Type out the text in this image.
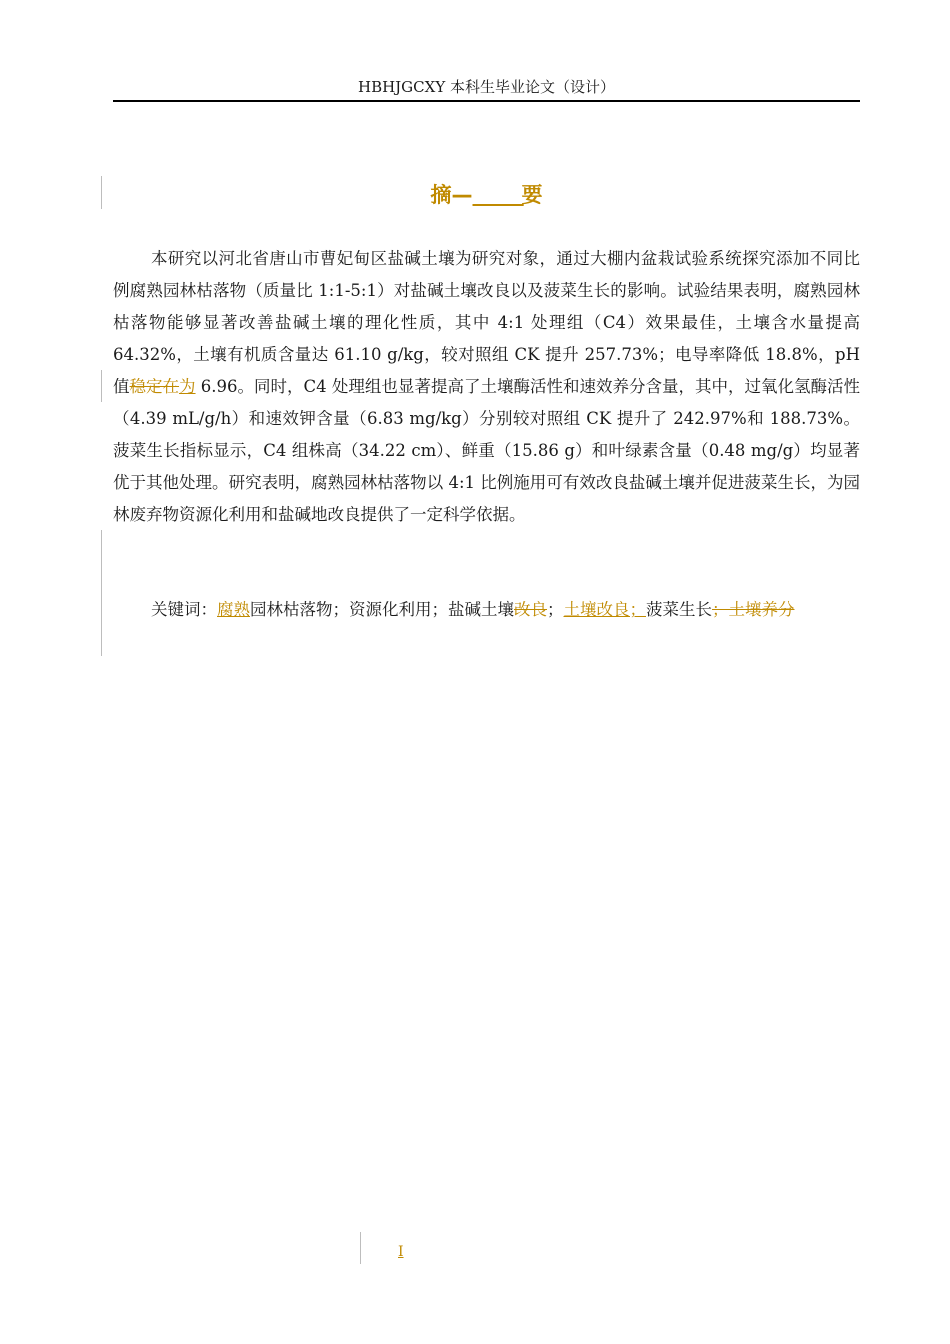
HBHJGCXY 本科生毕业论文（设计）
摘— 要
本研究以河北省唐山市曹妃甸区盐碱土壤为研究对象，通过大棚内盆栽试验系统探究添加不同比例腐熟园林枯落物（质量比 1:1-5:1）对盐碱土壤改良以及菠菜生长的影响。试验结果表明，腐熟园林枯落物能够显著改善盐碱土壤的理化性质，其中 4:1 处理组（C4）效果最佳，土壤含水量提高 64.32%，土壤有机质含量达 61.10 g/kg，较对照组 CK 提升 257.73%；电导率降低 18.8%，pH 值稳定在为 6.96。同时，C4 处理组也显著提高了土壤酶活性和速效养分含量，其中，过氧化氢酶活性（4.39 mL/g/h）和速效钾含量（6.83 mg/kg）分别较对照组 CK 提升了 242.97%和 188.73%。菠菜生长指标显示，C4 组株高（34.22 cm）、鲜重（15.86 g）和叶绿素含量（0.48 mg/g）均显著优于其他处理。研究表明，腐熟园林枯落物以 4:1 比例施用可有效改良盐碱土壤并促进菠菜生长，为园林废弃物资源化利用和盐碱地改良提供了一定科学依据。
关键词：腐熟园林枯落物；资源化利用；盐碱土壤改良；土壤改良；菠菜生长；土壤养分
I
